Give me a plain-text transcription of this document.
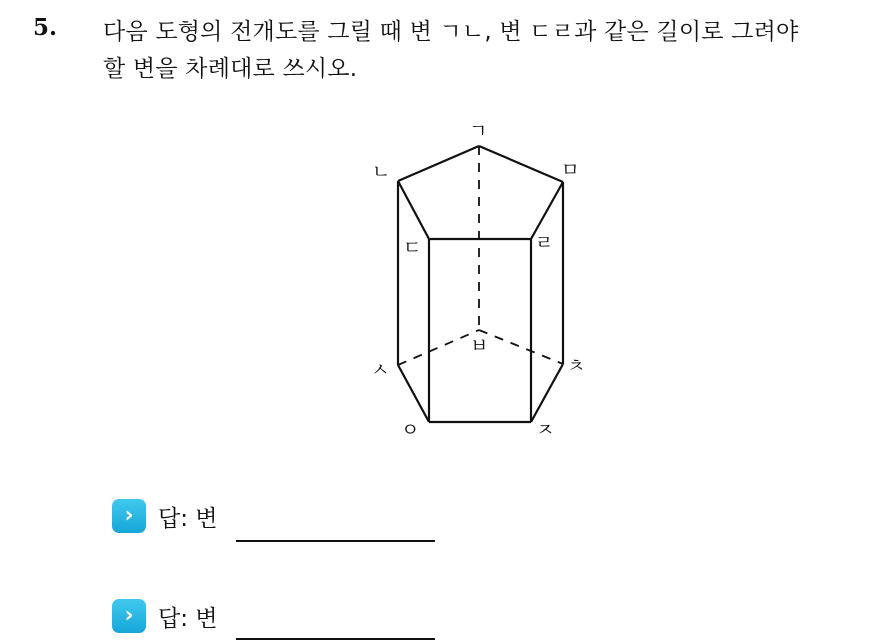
5. 다음 도형의 전개도를 그릴 때 변 ㄱㄴ, 변 ㄷㄹ과 같은 길이로 그려야
할 변을 차례대로 쓰시오.
ㄱ
ㄴ	ㅁ
ㄷ	ㄹ
ㅂ
ㅅ	ㅊ
ㅇ	ㅈ
›	답: 변
›	답: 변
